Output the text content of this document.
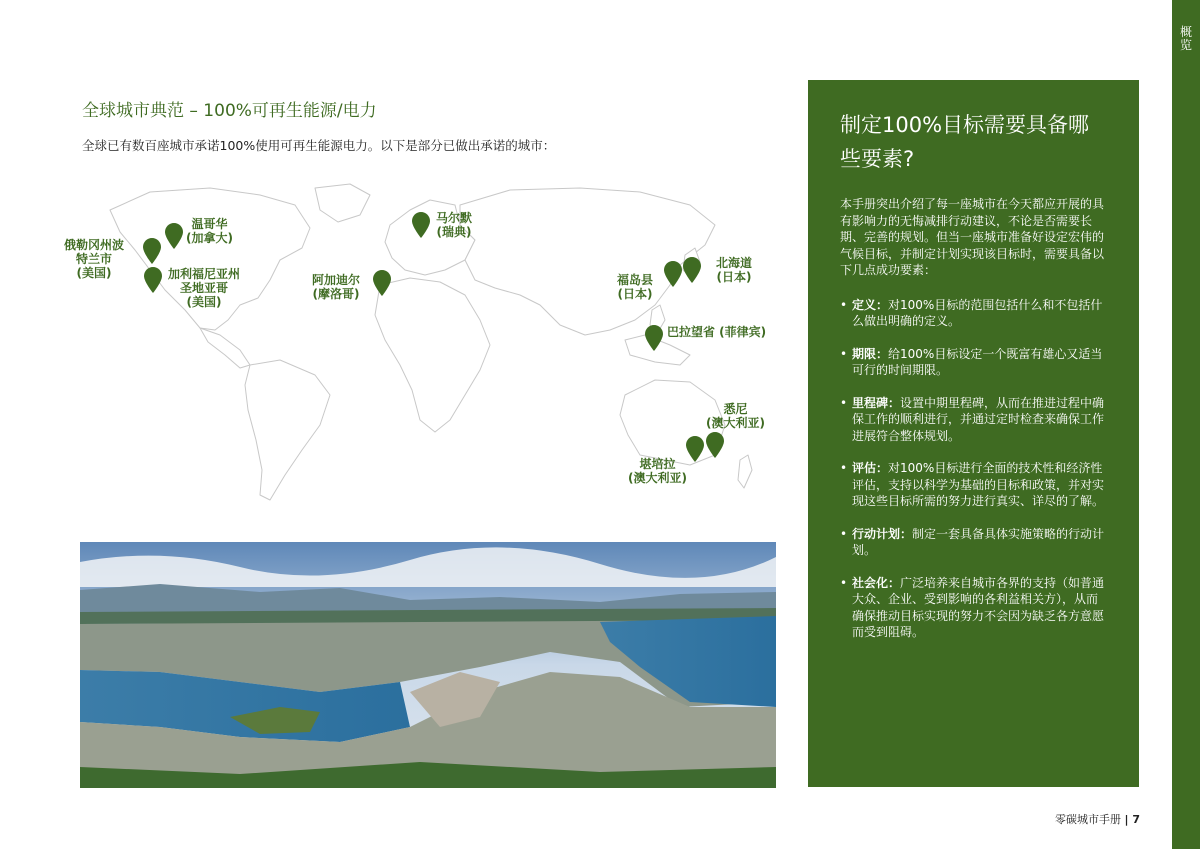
概览
全球城市典范 – 100%可再生能源/电力

全球已有数百座城市承诺100%使用可再生能源电力。以下是部分已做出承诺的城市：

温哥华
(加拿大)
俄勒冈州波
特兰市
(美国)	加利福尼亚州
圣地亚哥
(美国)
马尔默
(瑞典)
阿加迪尔
(摩洛哥)
北海道
(日本)
福岛县
(日本)
巴拉望省 (菲律宾)
悉尼
(澳大利亚)
堪培拉
(澳大利亚)
制定100%目标需要具备哪些要素?

本手册突出介绍了每一座城市在今天都应开展的具有影响力的无悔减排行动建议，不论是否需要长期、完善的规划。但当一座城市准备好设定宏伟的气候目标，并制定计划实现该目标时，需要具备以下几点成功要素：

• 定义：对100%目标的范围包括什么和不包括什么做出明确的定义。
• 期限：给100%目标设定一个既富有雄心又适当可行的时间期限。
• 里程碑：设置中期里程碑，从而在推进过程中确保工作的顺利进行，并通过定时检查来确保工作进展符合整体规划。
• 评估：对100%目标进行全面的技术性和经济性评估，支持以科学为基础的目标和政策，并对实现这些目标所需的努力进行真实、详尽的了解。
• 行动计划：制定一套具备具体实施策略的行动计划。
• 社会化：广泛培养来自城市各界的支持（如普通大众、企业、受到影响的各利益相关方），从而确保推动目标实现的努力不会因为缺乏各方意愿而受到阻碍。
零碳城市手册 | 7
